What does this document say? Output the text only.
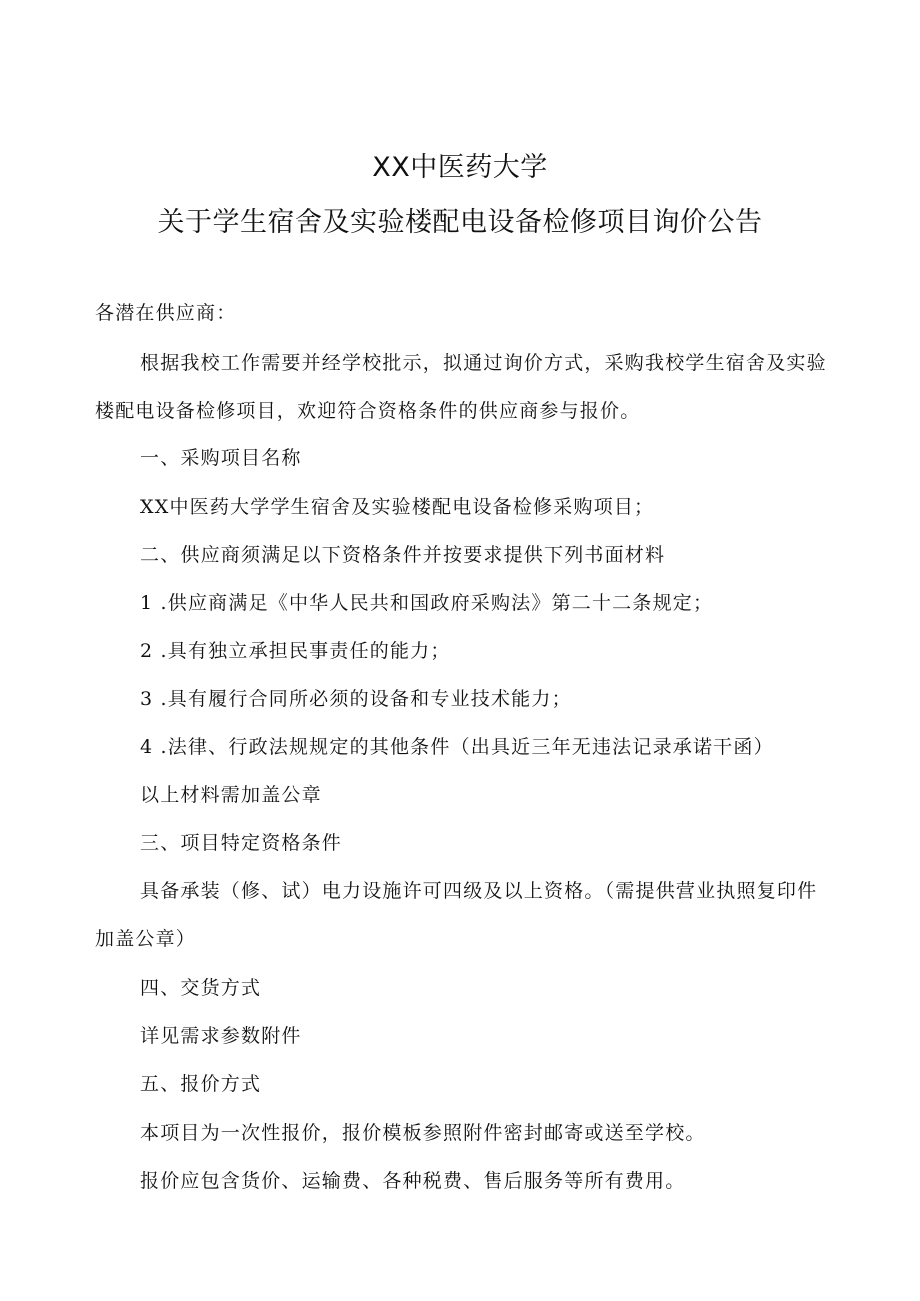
XX中医药大学
关于学生宿舍及实验楼配电设备检修项目询价公告
各潜在供应商：
根据我校工作需要并经学校批示，拟通过询价方式，采购我校学生宿舍及实验
楼配电设备检修项目，欢迎符合资格条件的供应商参与报价。
一、采购项目名称
XX中医药大学学生宿舍及实验楼配电设备检修采购项目；
二、供应商须满足以下资格条件并按要求提供下列书面材料
1 .供应商满足《中华人民共和国政府采购法》第二十二条规定；
2 .具有独立承担民事责任的能力；
3 .具有履行合同所必须的设备和专业技术能力；
4 .法律、行政法规规定的其他条件（出具近三年无违法记录承诺干函）
以上材料需加盖公章
三、项目特定资格条件
具备承装（修、试）电力设施许可四级及以上资格。（需提供营业执照复印件
加盖公章）
四、交货方式
详见需求参数附件
五、报价方式
本项目为一次性报价，报价模板参照附件密封邮寄或送至学校。
报价应包含货价、运输费、各种税费、售后服务等所有费用。
